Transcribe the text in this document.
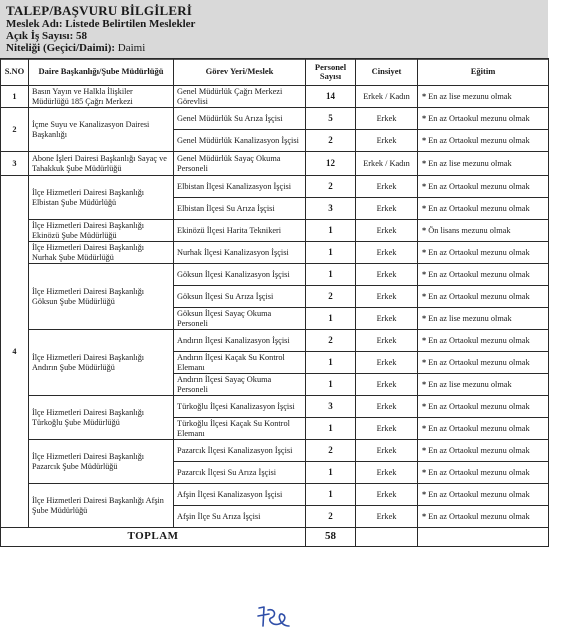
TALEP/BAŞVURU BİLGİLERİ
Meslek Adı: Listede Belirtilen Meslekler
Açık İş Sayısı: 58
Niteliği (Geçici/Daimi): Daimi
S.NO	Daire Başkanlığı/Şube Müdürlüğü	Görev Yeri/Meslek	Personel Sayısı	Cinsiyet	Eğitim
1	Basın Yayın ve Halkla İlişkiler Müdürlüğü 185 Çağrı Merkezi	Genel Müdürlük Çağrı Merkezi Görevlisi	14	Erkek / Kadın	* En az lise mezunu olmak
2	İçme Suyu ve Kanalizasyon Dairesi Başkanlığı	Genel Müdürlük Su Arıza İşçisi	5	Erkek	* En az Ortaokul mezunu olmak
		Genel Müdürlük Kanalizasyon İşçisi	2	Erkek	* En az Ortaokul mezunu olmak
3	Abone İşleri Dairesi Başkanlığı Sayaç ve Tahakkuk Şube Müdürlüğü	Genel Müdürlük Sayaç Okuma Personeli	12	Erkek / Kadın	* En az lise mezunu olmak
4	İlçe Hizmetleri Dairesi Başkanlığı Elbistan Şube Müdürlüğü	Elbistan İlçesi Kanalizasyon İşçisi	2	Erkek	* En az Ortaokul mezunu olmak
		Elbistan İlçesi Su Arıza İşçisi	3	Erkek	* En az Ortaokul mezunu olmak
	İlçe Hizmetleri Dairesi Başkanlığı Ekinözü Şube Müdürlüğü	Ekinözü İlçesi Harita Teknikeri	1	Erkek	* Ön lisans mezunu olmak
	İlçe Hizmetleri Dairesi Başkanlığı Nurhak Şube Müdürlüğü	Nurhak İlçesi Kanalizasyon İşçisi	1	Erkek	* En az Ortaokul mezunu olmak
	İlçe Hizmetleri Dairesi Başkanlığı Göksun Şube Müdürlüğü	Göksun İlçesi Kanalizasyon İşçisi	1	Erkek	* En az Ortaokul mezunu olmak
		Göksun İlçesi Su Arıza İşçisi	2	Erkek	* En az Ortaokul mezunu olmak
		Göksun İlçesi Sayaç Okuma Personeli	1	Erkek	* En az lise mezunu olmak
	İlçe Hizmetleri Dairesi Başkanlığı Andırın Şube Müdürlüğü	Andırın İlçesi Kanalizasyon İşçisi	2	Erkek	* En az Ortaokul mezunu olmak
		Andırın İlçesi Kaçak Su Kontrol Elemanı	1	Erkek	* En az Ortaokul mezunu olmak
		Andırın İlçesi Sayaç Okuma Personeli	1	Erkek	* En az lise mezunu olmak
	İlçe Hizmetleri Dairesi Başkanlığı Türkoğlu Şube Müdürlüğü	Türkoğlu İlçesi Kanalizasyon İşçisi	3	Erkek	* En az Ortaokul mezunu olmak
		Türkoğlu İlçesi Kaçak Su Kontrol Elemanı	1	Erkek	* En az Ortaokul mezunu olmak
	İlçe Hizmetleri Dairesi Başkanlığı Pazarcık Şube Müdürlüğü	Pazarcık İlçesi Kanalizasyon İşçisi	2	Erkek	* En az Ortaokul mezunu olmak
		Pazarcık İlçesi Su Arıza İşçisi	1	Erkek	* En az Ortaokul mezunu olmak
	İlçe Hizmetleri Dairesi Başkanlığı Afşin Şube Müdürlüğü	Afşin İlçesi Kanalizasyon İşçisi	1	Erkek	* En az Ortaokul mezunu olmak
		Afşin İlçe Su Arıza İşçisi	2	Erkek	* En az Ortaokul mezunu olmak
TOPLAM			58		
